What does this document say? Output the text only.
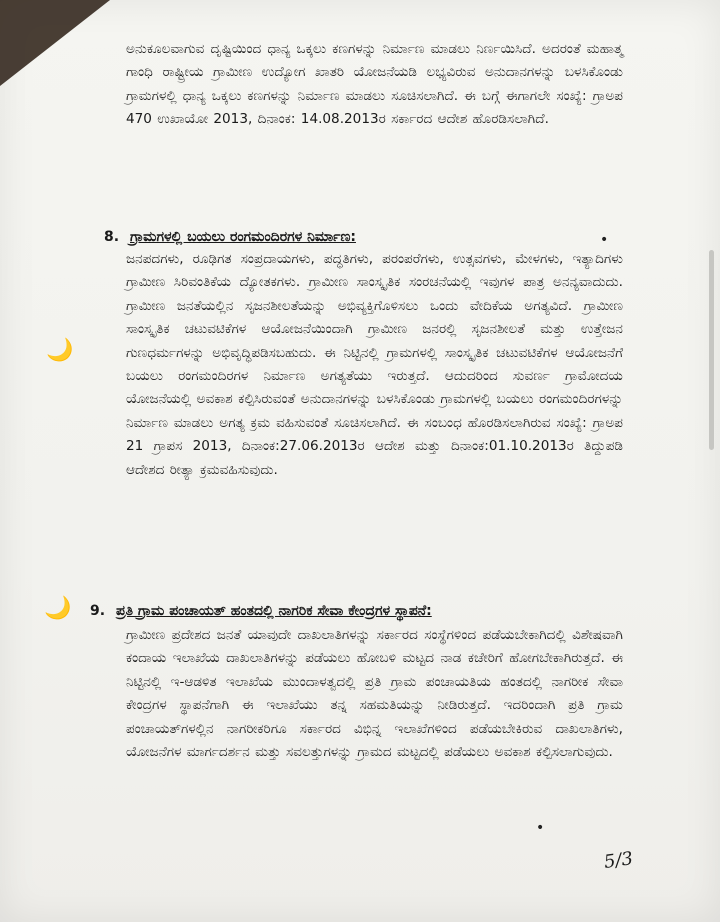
🌙
🌙
ಅನುಕೂಲವಾಗುವ ದೃಷ್ಟಿಯಿಂದ ಧಾನ್ಯ ಒಕ್ಕಲು ಕಣಗಳನ್ನು ನಿರ್ಮಾಣ ಮಾಡಲು ನಿರ್ಣಯಿಸಿದೆ. ಅದರಂತೆ ಮಹಾತ್ಮ ಗಾಂಧಿ ರಾಷ್ಟ್ರೀಯ ಗ್ರಾಮೀಣ ಉದ್ಯೋಗ ಖಾತರಿ ಯೋಜನೆಯಡಿ ಲಭ್ಯವಿರುವ ಅನುದಾನಗಳನ್ನು ಬಳಸಿಕೊಂಡು ಗ್ರಾಮಗಳಲ್ಲಿ ಧಾನ್ಯ ಒಕ್ಕಲು ಕಣಗಳನ್ನು ನಿರ್ಮಾಣ ಮಾಡಲು ಸೂಚಿಸಲಾಗಿದೆ. ಈ ಬಗ್ಗೆ ಈಗಾಗಲೇ ಸಂಖ್ಯೆ: ಗ್ರಾಅಪ 470 ಉಖಾಯೋ 2013, ದಿನಾಂಕ: 14.08.2013ರ ಸರ್ಕಾರದ ಆದೇಶ ಹೊರಡಿಸಲಾಗಿದೆ.
8. ಗ್ರಾಮಗಳಲ್ಲಿ ಬಯಲು ರಂಗಮಂದಿರಗಳ ನಿರ್ಮಾಣ:
ಜನಪದಗಳು, ರೂಢಿಗತ ಸಂಪ್ರದಾಯಗಳು, ಪದ್ಧತಿಗಳು, ಪರಂಪರೆಗಳು, ಉತ್ಸವಗಳು, ಮೇಳಗಳು, ಇತ್ಯಾದಿಗಳು ಗ್ರಾಮೀಣ ಸಿರಿವಂತಿಕೆಯ ದ್ಯೋತಕಗಳು. ಗ್ರಾಮೀಣ ಸಾಂಸ್ಕೃತಿಕ ಸಂರಚನೆಯಲ್ಲಿ ಇವುಗಳ ಪಾತ್ರ ಅನನ್ಯವಾದುದು. ಗ್ರಾಮೀಣ ಜನತೆಯಲ್ಲಿನ ಸೃಜನಶೀಲತೆಯನ್ನು ಅಭಿವ್ಯಕ್ತಿಗೊಳಿಸಲು ಒಂದು ವೇದಿಕೆಯ ಅಗತ್ಯವಿದೆ. ಗ್ರಾಮೀಣ ಸಾಂಸ್ಕೃತಿಕ ಚಟುವಟಿಕೆಗಳ ಆಯೋಜನೆಯಿಂದಾಗಿ ಗ್ರಾಮೀಣ ಜನರಲ್ಲಿ ಸೃಜನಶೀಲತೆ ಮತ್ತು ಉತ್ತೇಜನ ಗುಣಧರ್ಮಗಳನ್ನು ಅಭಿವೃದ್ಧಿಪಡಿಸಬಹುದು. ಈ ನಿಟ್ಟಿನಲ್ಲಿ ಗ್ರಾಮಗಳಲ್ಲಿ ಸಾಂಸ್ಕೃತಿಕ ಚಟುವಟಿಕೆಗಳ ಆಯೋಜನೆಗೆ ಬಯಲು ರಂಗಮಂದಿರಗಳ ನಿರ್ಮಾಣ ಅಗತ್ಯತೆಯು ಇರುತ್ತದೆ. ಆದುದರಿಂದ ಸುವರ್ಣ ಗ್ರಾಮೋದಯ ಯೋಜನೆಯಲ್ಲಿ ಅವಕಾಶ ಕಲ್ಪಿಸಿರುವಂತೆ ಅನುದಾನಗಳನ್ನು ಬಳಸಿಕೊಂಡು ಗ್ರಾಮಗಳಲ್ಲಿ ಬಯಲು ರಂಗಮಂದಿರಗಳನ್ನು ನಿರ್ಮಾಣ ಮಾಡಲು ಅಗತ್ಯ ಕ್ರಮ ವಹಿಸುವಂತೆ ಸೂಚಿಸಲಾಗಿದೆ. ಈ ಸಂಬಂಧ ಹೊರಡಿಸಲಾಗಿರುವ ಸಂಖ್ಯೆ: ಗ್ರಾಅಪ 21 ಗ್ರಾಪಸ 2013, ದಿನಾಂಕ:27.06.2013ರ ಆದೇಶ ಮತ್ತು ದಿನಾಂಕ:01.10.2013ರ ತಿದ್ದುಪಡಿ ಆದೇಶದ ರೀತ್ಯಾ ಕ್ರಮವಹಿಸುವುದು.
9. ಪ್ರತಿ ಗ್ರಾಮ ಪಂಚಾಯತ್ ಹಂತದಲ್ಲಿ ನಾಗರಿಕ ಸೇವಾ ಕೇಂದ್ರಗಳ ಸ್ಥಾಪನೆ:
ಗ್ರಾಮೀಣ ಪ್ರದೇಶದ ಜನತೆ ಯಾವುದೇ ದಾಖಲಾತಿಗಳನ್ನು ಸರ್ಕಾರದ ಸಂಸ್ಥೆಗಳಿಂದ ಪಡೆಯಬೇಕಾಗಿದಲ್ಲಿ ವಿಶೇಷವಾಗಿ ಕಂದಾಯ ಇಲಾಖೆಯ ದಾಖಲಾತಿಗಳನ್ನು ಪಡೆಯಲು ಹೋಬಳಿ ಮಟ್ಟದ ನಾಡ ಕಚೇರಿಗೆ ಹೋಗಬೇಕಾಗಿರುತ್ತದೆ. ಈ ನಿಟ್ಟಿನಲ್ಲಿ ಇ-ಆಡಳಿತ ಇಲಾಖೆಯ ಮುಂದಾಳತ್ವದಲ್ಲಿ ಪ್ರತಿ ಗ್ರಾಮ ಪಂಚಾಯತಿಯ ಹಂತದಲ್ಲಿ ನಾಗರೀಕ ಸೇವಾ ಕೇಂದ್ರಗಳ ಸ್ಥಾಪನೆಗಾಗಿ ಈ ಇಲಾಖೆಯು ತನ್ನ ಸಹಮತಿಯನ್ನು ನೀಡಿರುತ್ತದೆ. ಇದರಿಂದಾಗಿ ಪ್ರತಿ ಗ್ರಾಮ ಪಂಚಾಯತ್‌ಗಳಲ್ಲಿನ ನಾಗರೀಕರಿಗೂ ಸರ್ಕಾರದ ವಿಭಿನ್ನ ಇಲಾಖೆಗಳಿಂದ ಪಡೆಯಬೇಕಿರುವ ದಾಖಲಾತಿಗಳು, ಯೋಜನೆಗಳ ಮಾರ್ಗದರ್ಶನ ಮತ್ತು ಸವಲತ್ತುಗಳನ್ನು ಗ್ರಾಮದ ಮಟ್ಟದಲ್ಲಿ ಪಡೆಯಲು ಅವಕಾಶ ಕಲ್ಪಿಸಲಾಗುವುದು.
•
•
5/3
